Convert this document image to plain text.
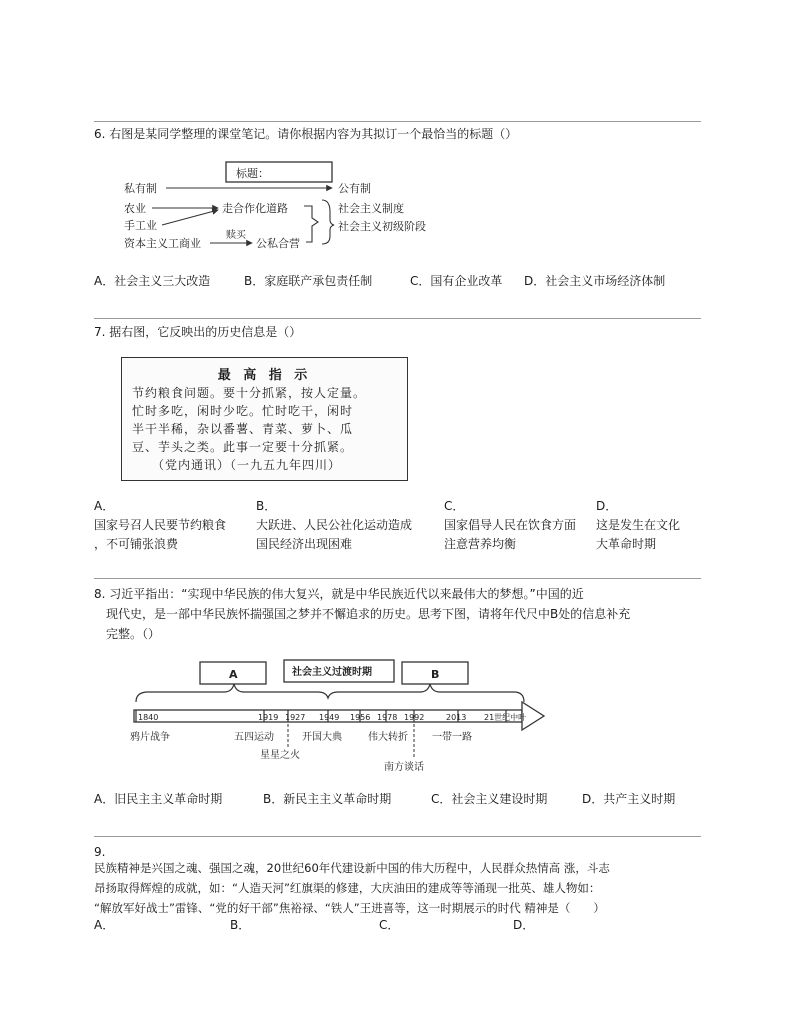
6. 右图是某同学整理的课堂笔记。请你根据内容为其拟订一个最恰当的标题（）
标题：
私有制	公有制
农业
手工业
走合作化道路
资本主义工商业
赎买
公私合营
社会主义制度
社会主义初级阶段
A．社会主义三大改造	B．家庭联产承包责任制	C．国有企业改革 D．社会主义市场经济体制
7. 据右图，它反映出的历史信息是（）
最 高 指 示
节约粮食问题。要十分抓紧，按人定量。
忙时多吃，闲时少吃。忙时吃干，闲时
半干半稀，杂以番薯、青菜、萝卜、瓜
豆、芋头之类。此事一定要十分抓紧。
（党内通讯）（一九五九年四川）
A．
国家号召人民要节约粮食
，不可铺张浪费
B．
大跃进、人民公社化运动造成
国民经济出现困难
C．
国家倡导人民在饮食方面
注意营养均衡
D．
这是发生在文化
大革命时期
8. 习近平指出：“实现中华民族的伟大复兴，就是中华民族近代以来最伟大的梦想。”中国的近
现代史，是一部中华民族怀揣强国之梦并不懈追求的历史。思考下图，请将年代尺中B处的信息补充
完整。（）
A	社会主义过渡时期	B
1840	1919 1927 1949 1956 1978 1992	2013 21世纪中叶
鸦片战争	五四运动	开国大典	伟大转折 一带一路
星星之火
南方谈话
A．旧民主主义革命时期	B．新民主主义革命时期	C．社会主义建设时期	D．共产主义时期
9.
民族精神是兴国之魂、强国之魂，20世纪60年代建设新中国的伟大历程中，人民群众热情高 涨，斗志
昂扬取得辉煌的成就，如：“人造天河”红旗渠的修建，大庆油田的建成等等涌现一批英、雄人物如：
“解放军好战士”雷锋、“党的好干部”焦裕禄、“铁人”王进喜等，这一时期展示的时代 精神是（　　）
A．	B．	C．	D．
